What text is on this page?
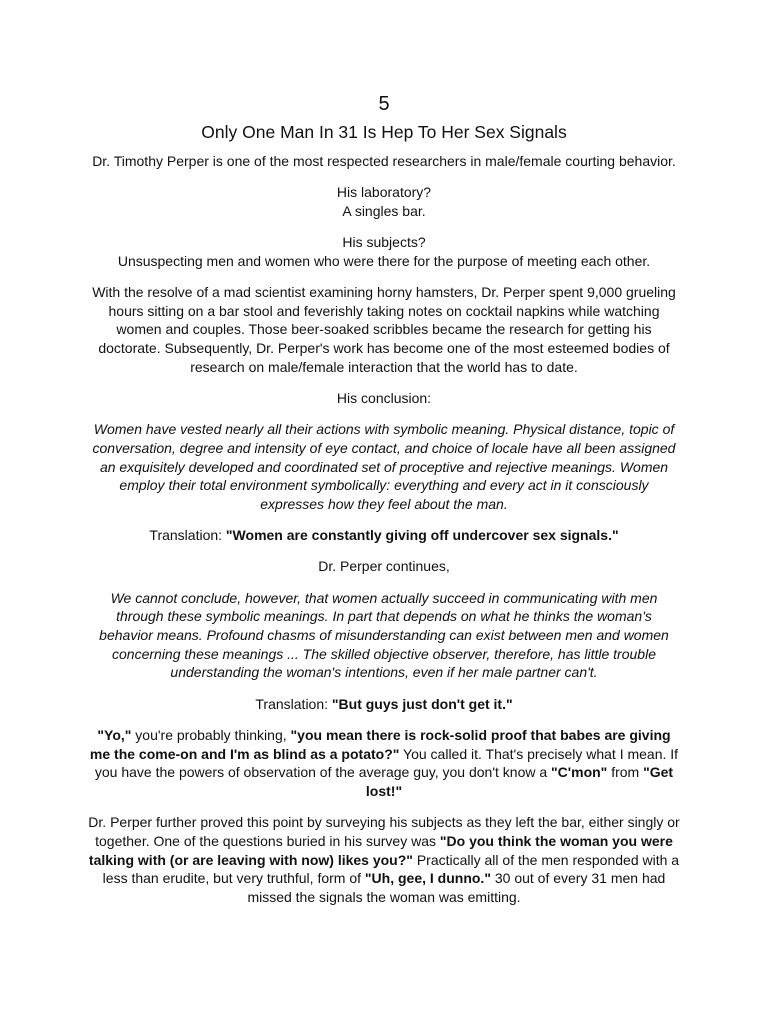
5
Only One Man In 31 Is Hep To Her Sex Signals

Dr. Timothy Perper is one of the most respected researchers in male/female courting behavior.

His laboratory?
A singles bar.

His subjects?
Unsuspecting men and women who were there for the purpose of meeting each other.

With the resolve of a mad scientist examining horny hamsters, Dr. Perper spent 9,000 grueling hours sitting on a bar stool and feverishly taking notes on cocktail napkins while watching women and couples. Those beer-soaked scribbles became the research for getting his doctorate. Subsequently, Dr. Perper's work has become one of the most esteemed bodies of research on male/female interaction that the world has to date.

His conclusion:

Women have vested nearly all their actions with symbolic meaning. Physical distance, topic of conversation, degree and intensity of eye contact, and choice of locale have all been assigned an exquisitely developed and coordinated set of proceptive and rejective meanings. Women employ their total environment symbolically: everything and every act in it consciously expresses how they feel about the man.

Translation: "Women are constantly giving off undercover sex signals."

Dr. Perper continues,

We cannot conclude, however, that women actually succeed in communicating with men through these symbolic meanings. In part that depends on what he thinks the woman's behavior means. Profound chasms of misunderstanding can exist between men and women concerning these meanings ... The skilled objective observer, therefore, has little trouble understanding the woman's intentions, even if her male partner can't.

Translation: "But guys just don't get it."

"Yo," you're probably thinking, "you mean there is rock-solid proof that babes are giving me the come-on and I'm as blind as a potato?" You called it. That's precisely what I mean. If you have the powers of observation of the average guy, you don't know a "C'mon" from "Get lost!"

Dr. Perper further proved this point by surveying his subjects as they left the bar, either singly or together. One of the questions buried in his survey was "Do you think the woman you were talking with (or are leaving with now) likes you?" Practically all of the men responded with a less than erudite, but very truthful, form of "Uh, gee, I dunno." 30 out of every 31 men had missed the signals the woman was emitting.
